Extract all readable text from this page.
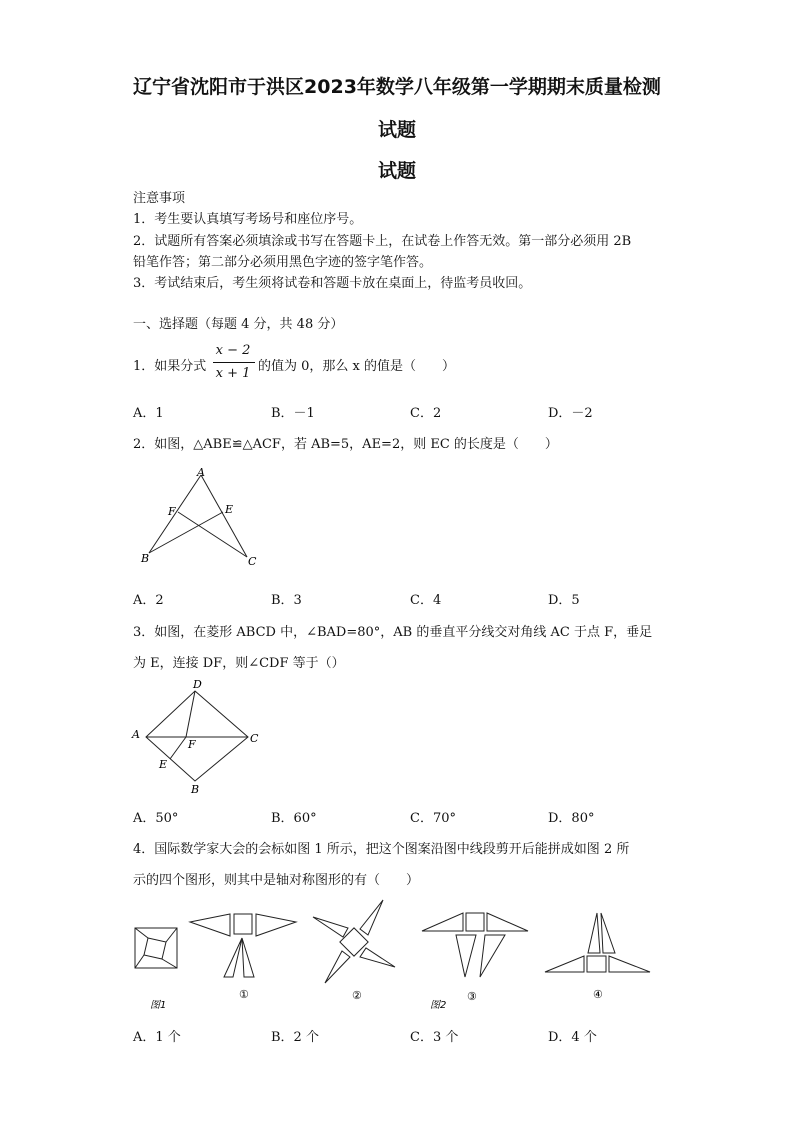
辽宁省沈阳市于洪区2023年数学八年级第一学期期末质量检测
试题
试题
注意事项
1．考生要认真填写考场号和座位序号。
2．试题所有答案必须填涂或书写在答题卡上，在试卷上作答无效。第一部分必须用 2B
铅笔作答；第二部分必须用黑色字迹的签字笔作答。
3．考试结束后，考生须将试卷和答题卡放在桌面上，待监考员收回。
一、选择题（每题 4 分，共 48 分）
1．如果分式
x − 2
x + 1 的值为 0，那么 x 的值是（　　）
A．1	B．－1	C．2	D．－2
2．如图，△ABE≌△ACF，若 AB=5，AE=2，则 EC 的长度是（　　）
A
F	E
B	C
A．2	B．3	C．4	D．5
3．如图，在菱形 ABCD 中，∠BAD=80°，AB 的垂直平分线交对角线 AC 于点 F，垂足
为 E，连接 DF，则∠CDF 等于（）
D
A	C
F
E
B
A．50°	B．60°	C．70°	D．80°
4．国际数学家大会的会标如图 1 所示，把这个图案沿图中线段剪开后能拼成如图 2 所
示的四个图形，则其中是轴对称图形的有（　　）
图1
①	②
图2
③	④
A．1 个	B．2 个	C．3 个	D．4 个
